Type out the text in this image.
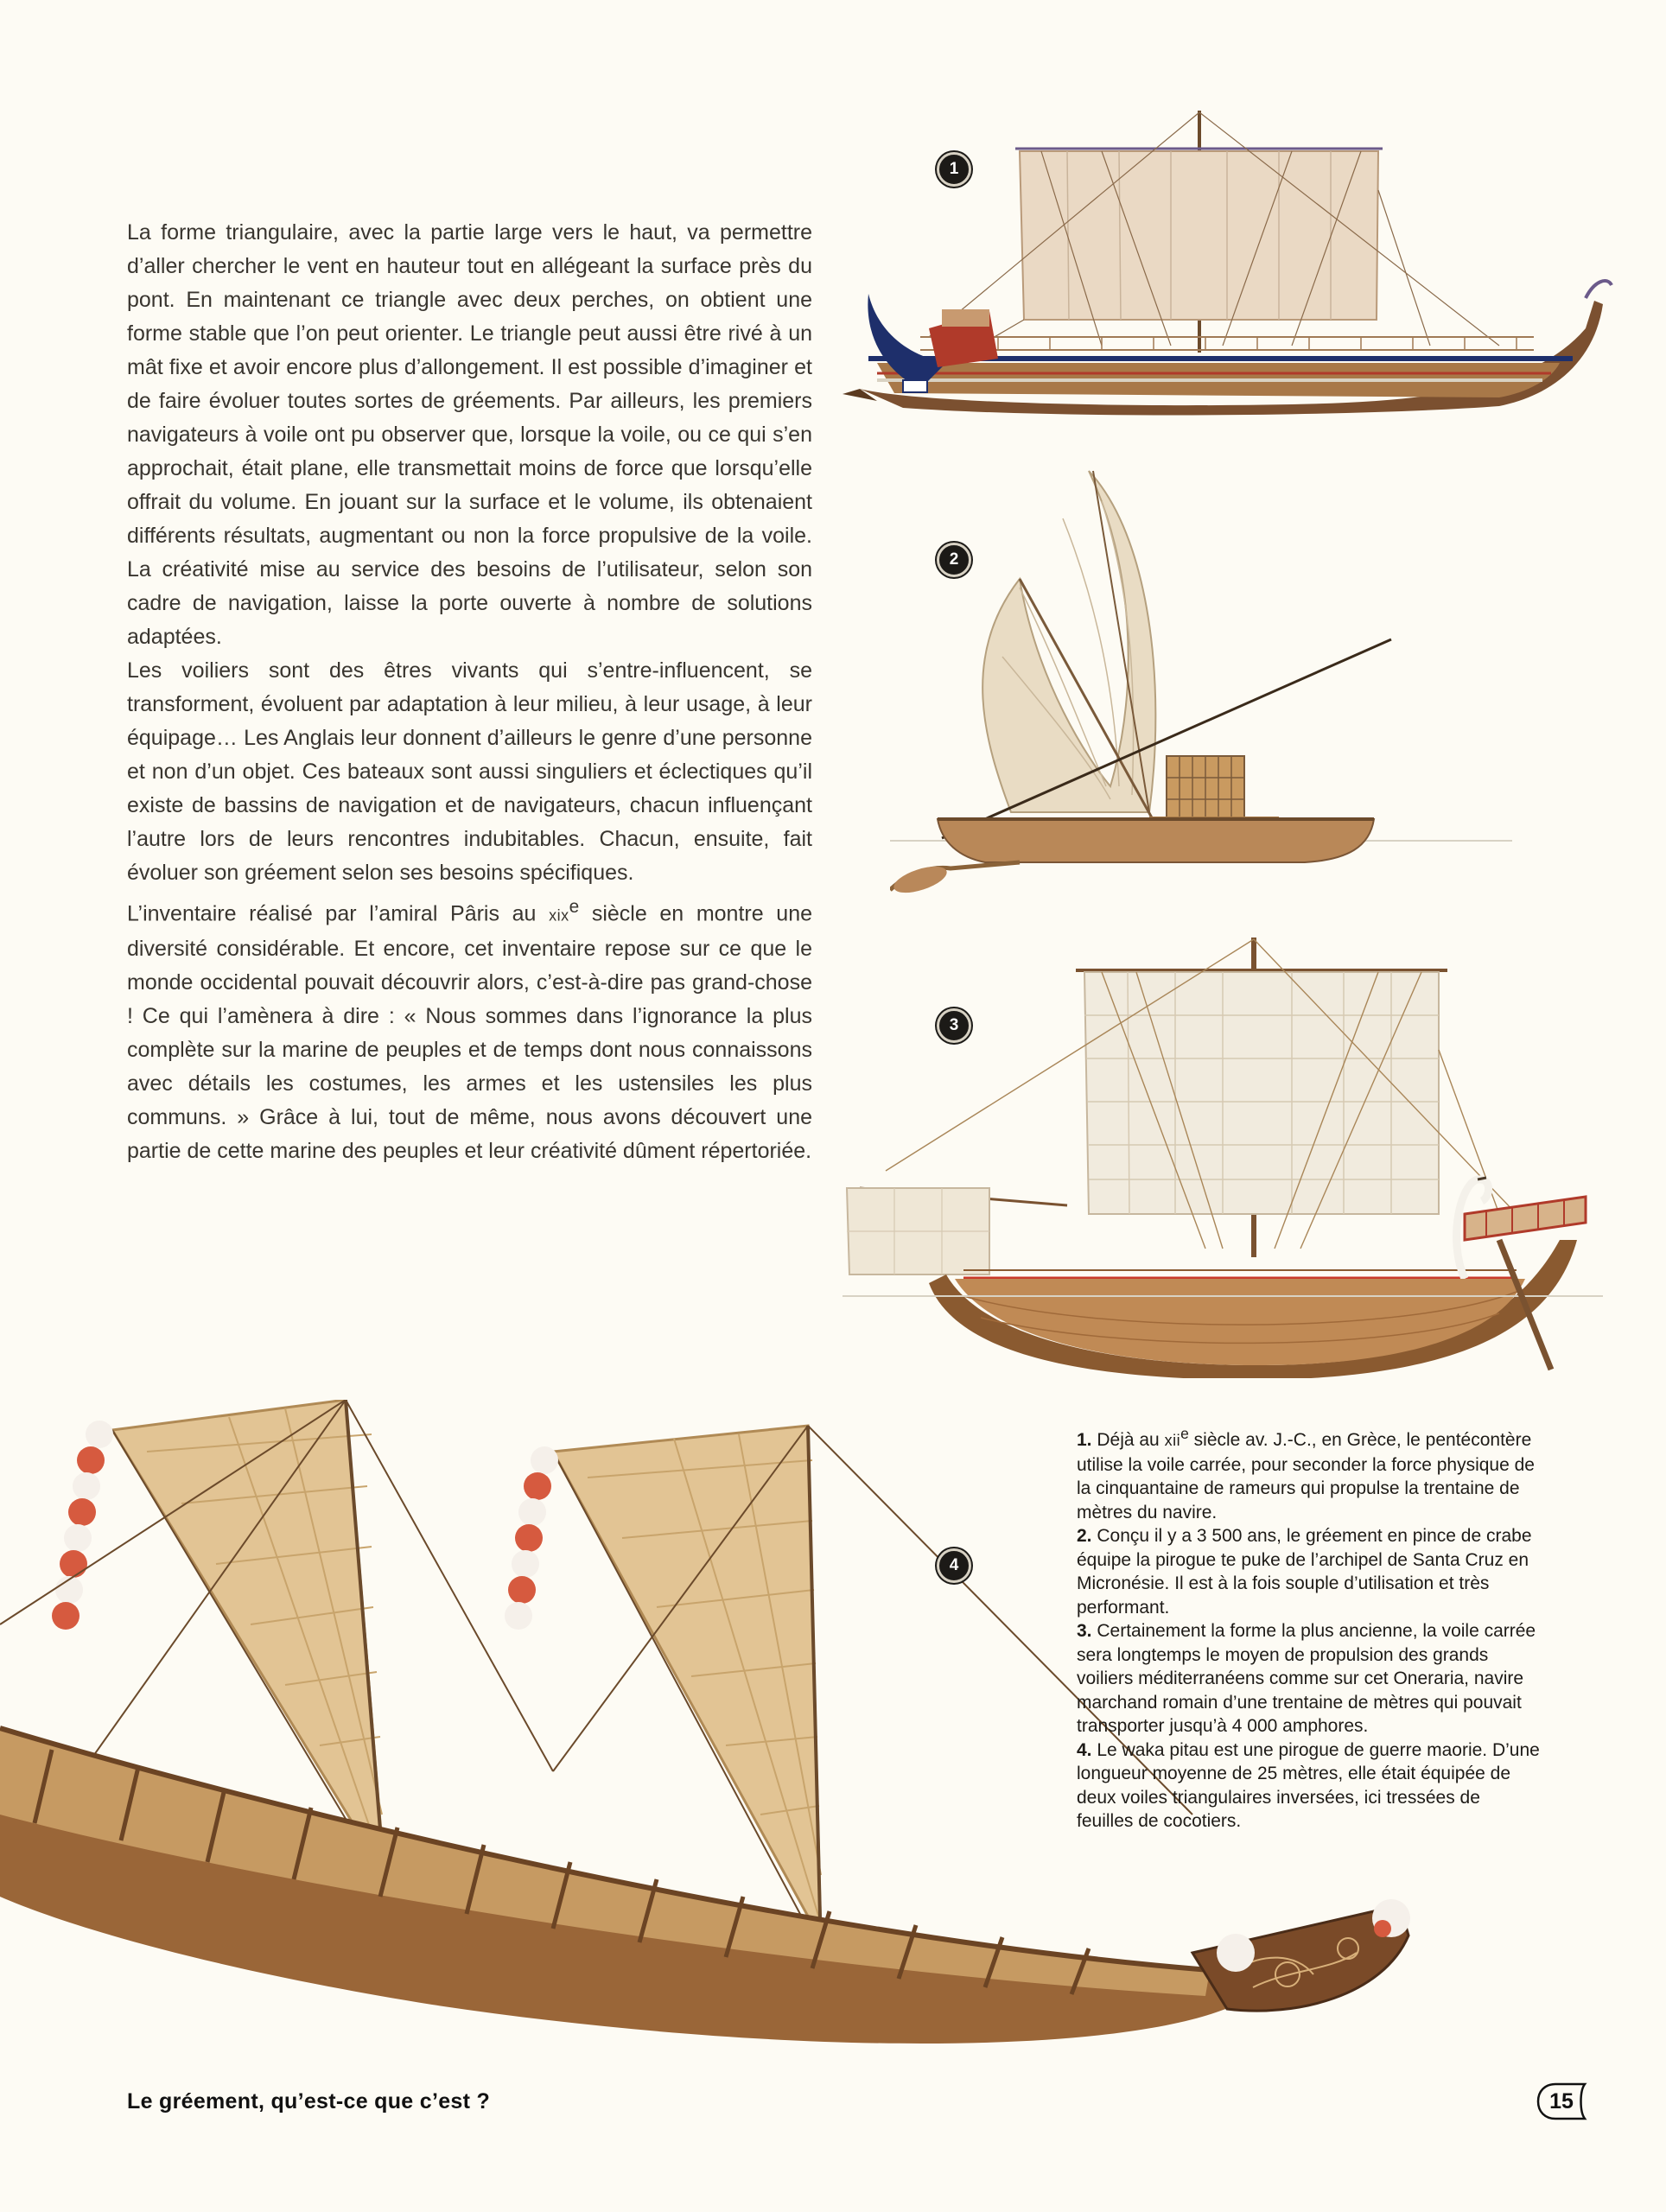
La forme triangulaire, avec la partie large vers le haut, va permettre d’aller chercher le vent en hauteur tout en allégeant la surface près du pont. En maintenant ce triangle avec deux perches, on obtient une forme stable que l’on peut orienter. Le triangle peut aussi être rivé à un mât fixe et avoir encore plus d’allongement. Il est possible d’imaginer et de faire évoluer toutes sortes de gréements. Par ailleurs, les premiers navigateurs à voile ont pu observer que, lorsque la voile, ou ce qui s’en approchait, était plane, elle transmettait moins de force que lorsqu’elle offrait du volume. En jouant sur la surface et le volume, ils obtenaient différents résultats, augmentant ou non la force propulsive de la voile. La créativité mise au service des besoins de l’utilisateur, selon son cadre de navigation, laisse la porte ouverte à nombre de solutions adaptées.

Les voiliers sont des êtres vivants qui s’entre-influencent, se transforment, évoluent par adaptation à leur milieu, à leur usage, à leur équipage… Les Anglais leur donnent d’ailleurs le genre d’une personne et non d’un objet. Ces bateaux sont aussi singuliers et éclectiques qu’il existe de bassins de navigation et de navigateurs, chacun influençant l’autre lors de leurs rencontres indubitables. Chacun, ensuite, fait évoluer son gréement selon ses besoins spécifiques.

L’inventaire réalisé par l’amiral Pâris au xix$^e$ siècle en montre une diversité considérable. Et encore, cet inventaire repose sur ce que le monde occidental pouvait découvrir alors, c’est-à-dire pas grand-chose ! Ce qui l’amènera à dire : « Nous sommes dans l’ignorance la plus complète sur la marine de peuples et de temps dont nous connaissons avec détails les costumes, les armes et les ustensiles les plus communs. » Grâce à lui, tout de même, nous avons découvert une partie de cette marine des peuples et leur créativité dûment répertoriée.

1
2
3
4

1. Déjà au xii$^e$ siècle av. J.-C., en Grèce, le pentécontère utilise la voile carrée, pour seconder la force physique de la cinquantaine de rameurs qui propulse la trentaine de mètres du navire.

2. Conçu il y a 3 500 ans, le gréement en pince de crabe équipe la pirogue te puke de l’archipel de Santa Cruz en Micronésie. Il est à la fois souple d’utilisation et très performant.

3. Certainement la forme la plus ancienne, la voile carrée sera longtemps le moyen de propulsion des grands voiliers méditerranéens comme sur cet Oneraria, navire marchand romain d’une trentaine de mètres qui pouvait transporter jusqu’à 4 000 amphores.

4. Le waka pitau est une pirogue de guerre maorie. D’une longueur moyenne de 25 mètres, elle était équipée de deux voiles triangulaires inversées, ici tressées de feuilles de cocotiers.

Le gréement, qu’est-ce que c’est ?	15
